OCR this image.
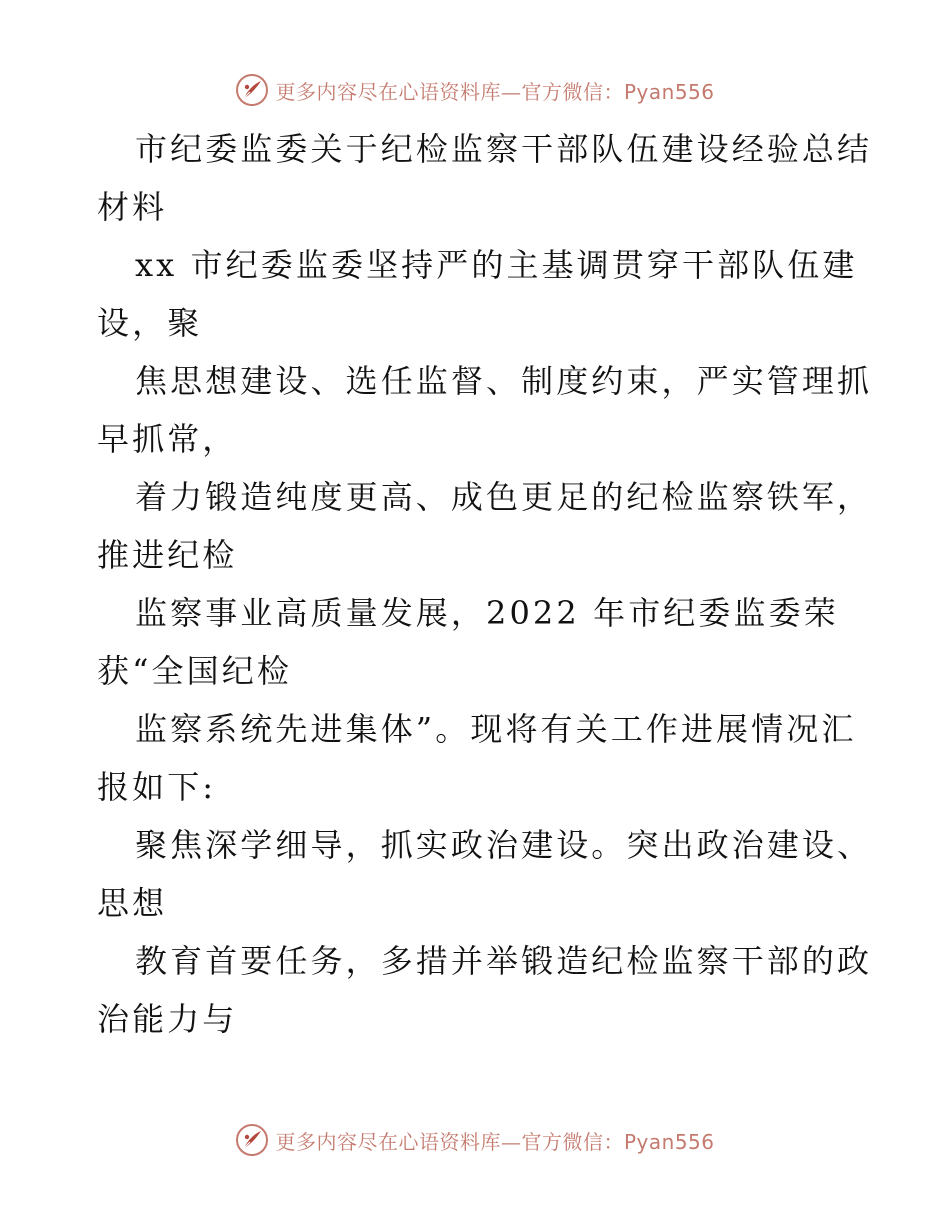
更多内容尽在心语资料库—官方微信：Pyan556
市纪委监委关于纪检监察干部队伍建设经验总结
材料
xx 市纪委监委坚持严的主基调贯穿干部队伍建
设，聚
焦思想建设、选任监督、制度约束，严实管理抓
早抓常，
着力锻造纯度更高、成色更足的纪检监察铁军，
推进纪检
监察事业高质量发展，2022 年市纪委监委荣
获“全国纪检
监察系统先进集体”。现将有关工作进展情况汇
报如下:
聚焦深学细导，抓实政治建设。突出政治建设、
思想
教育首要任务，多措并举锻造纪检监察干部的政
治能力与
更多内容尽在心语资料库—官方微信：Pyan556
